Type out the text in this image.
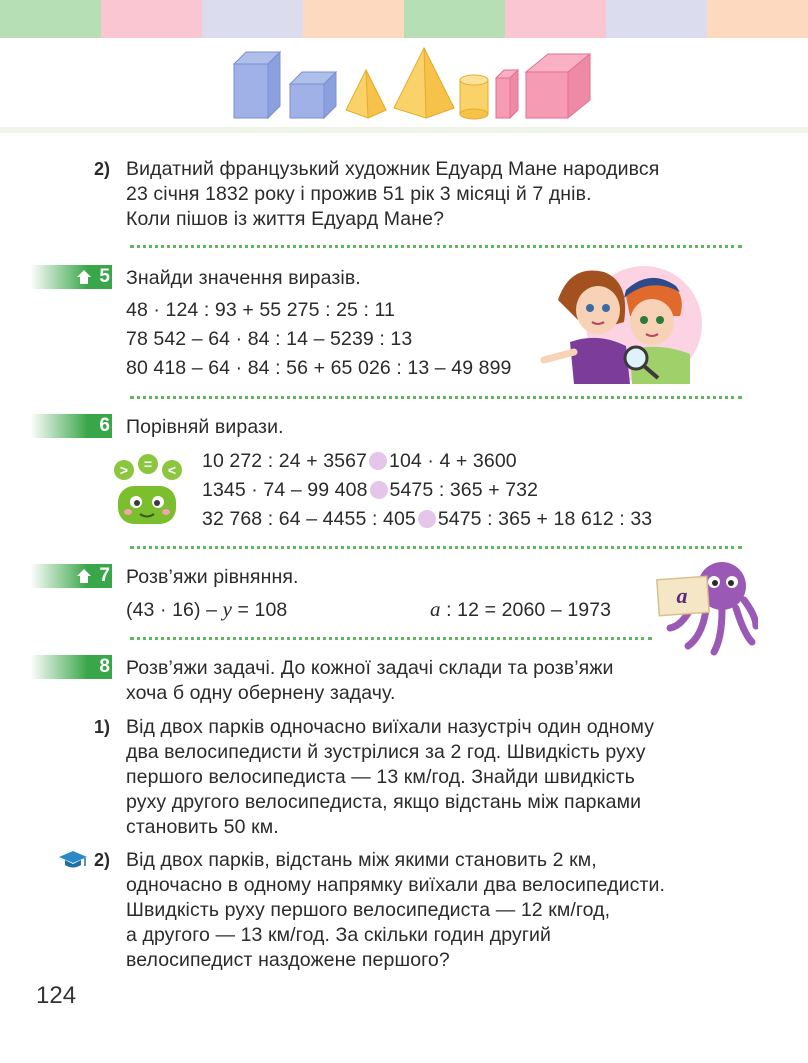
2) Видатний французький художник Едуард Мане народився
23 січня 1832 року і прожив 51 рік 3 місяці й 7 днів.
Коли пішов із життя Едуард Мане?
5 Знайди значення виразів.
48 · 124 : 93 + 55 275 : 25 : 11
78 542 – 64 · 84 : 14 – 5239 : 13
80 418 – 64 · 84 : 56 + 65 026 : 13 – 49 899
6 Порівняй вирази.
> = < 10 272 : 24 + 3567 104 · 4 + 3600
1345 · 74 – 99 408 5475 : 365 + 732
32 768 : 64 – 4455 : 405 5475 : 365 + 18 612 : 33
7 Розв’яжи рівняння.
(43 · 16) – y = 108	a : 12 = 2060 – 1973
a
8 Розв’яжи задачі. До кожної задачі склади та розв’яжи
хоча б одну обернену задачу.
1) Від двох парків одночасно виїхали назустріч один одному
два велосипедисти й зустрілися за 2 год. Швидкість руху
першого велосипедиста — 13 км/год. Знайди швидкість
руху другого велосипедиста, якщо відстань між парками
становить 50 км.
2) Від двох парків, відстань між якими становить 2 км,
одночасно в одному напрямку виїхали два велосипедисти.
Швидкість руху першого велосипедиста — 12 км/год,
а другого — 13 км/год. За скільки годин другий
велосипедист наздожене першого?
124
